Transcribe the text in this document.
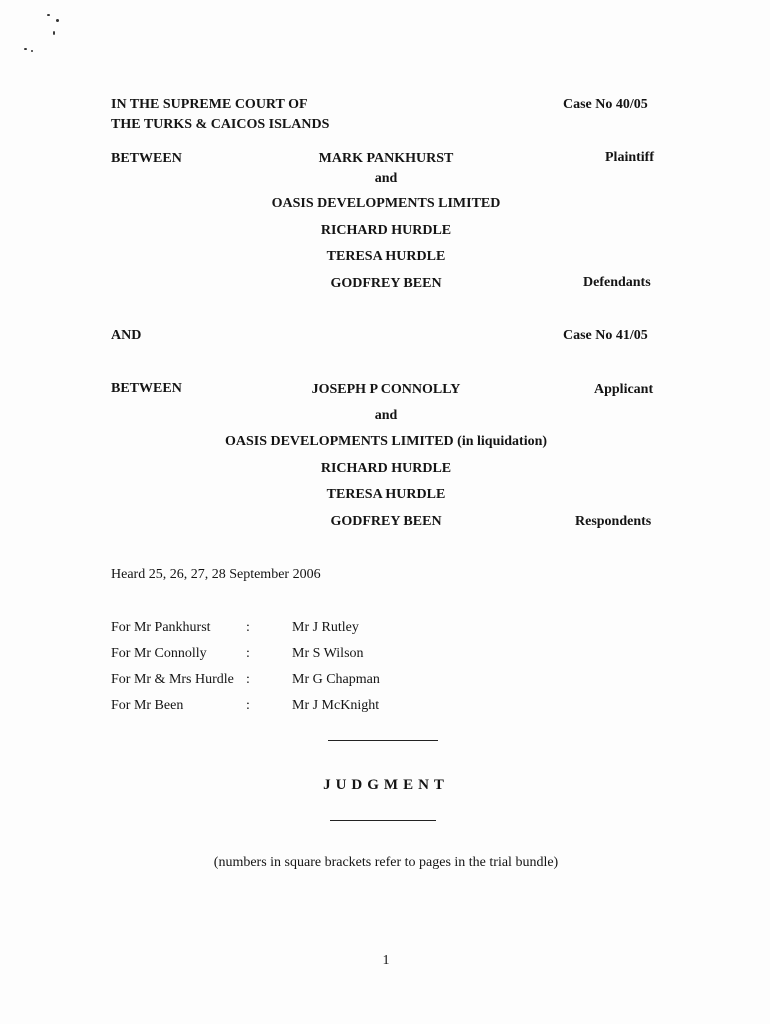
IN THE SUPREME COURT OF
THE TURKS & CAICOS ISLANDS
Case No 40/05
BETWEEN	MARK PANKHURST	Plaintiff
and
OASIS DEVELOPMENTS LIMITED
RICHARD HURDLE
TERESA HURDLE
GODFREY BEEN	Defendants
AND	Case No 41/05
BETWEEN	JOSEPH P CONNOLLY	Applicant
and
OASIS DEVELOPMENTS LIMITED (in liquidation)
RICHARD HURDLE
TERESA HURDLE
GODFREY BEEN	Respondents
Heard 25, 26, 27, 28 September 2006
For Mr Pankhurst	:	Mr J Rutley
For Mr Connolly	:	Mr S Wilson
For Mr & Mrs Hurdle :	Mr G Chapman
For Mr Been	:	Mr J McKnight
JUDGMENT
(numbers in square brackets refer to pages in the trial bundle)
1
